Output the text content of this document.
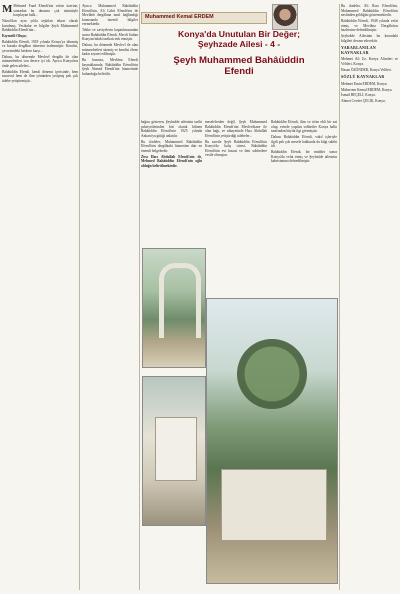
M Mehmed Fuad Efendi'nin vefatı üzerine, sonradan bu durumu çok üzüntüyle karşılayan halk...

Nüzul'dan aynı yılda teşkilatı tekrar olarak kurulmuş. Vesikalar ve bilgiler Şeyh Muhammed Bahâüddin Efendi'nin...

Kıymetli Oluşu;

Bahâüddin Efendi, 1918 yılında Konya'ya dönmüş ve burada dergâhın idaresini üstlenmiştir. Kendisi, çevresindeki herkese karşı...

Dahası, bu dönemde Mevlevî dergâhı ile olan münasebetleri son derece iyi idi. Ayrıca Konya'nın önde gelen aileleri...

Bahâüddin Efendi, kendi dönemi içerisinde, hem tasavvuf hem de ilim yönünden yetişmiş pek çok talebe yetiştirmiştir...

Ayrıca Muhammed Bahâüddin Efendi'nin, Ali Cahit Efendi'nin de Mevlânâ dergâhına nasıl bağlandığı konusunda önemli bilgiler vermektedir.

Tekke ve zaviyelerin kapatılmasından sonra Bahâüddin Efendi, Mecdi Sultan Konyası'ndaki tarikatı terk etmiştir.

Dahası, bu dönemde Mevlevî ile olan münasebetleri sürmüş ve kendisi ölene kadar ziyaret edilmiştir.

Bu hususta, Mevlâna Efendi kaynaklarında, Bahâüddin Efendi'nin Şeyh Ahmed Efendi'nin hizmetinde bulunduğu belirtilir.

Muhammed Kemal ERDEM
Konya'da Unutulan Bir Değer;
Şeyhzade Ailesi - 4 -
Şeyh Muhammed Bahâüddin
Efendi

bağını gösteren, Şeyhzâde ailesinin tarihi şahsiyetlerinden biri olarak bilinen Bahâüddin Efendi'nin 1925 yılında Ankara'ya gittiği anlatılır.

Bu ifadeler, Muhammed Bahâüddin Efendi'nin dergâhtaki hizmetine dair en önemli belgelerdir.

Zira Hacı Abdullah Efendi'nin de, Mehmed Bahâüddin Efendi'nin oğlu olduğu belirtilmektedir.

meselelerden değil, Şeyh Muhammed Bahâüddin Efendi'nin Mevlevihane ile olan bağı, ve nihayetinde Hacı Abdullah Efendi'nin yetiştirdiği talebeler...

Bu suretle Şeyh Bahâüddin Efendi'nin Konya'da kalış süresi, Bahâüddin Efendi'nin evi hususi ve ilmi sohbetlere vesile olmuştur.

Bahâüddin Efendi, ilim ve irfan ehli bir zat olup, evinde yapılan sohbetler Konya halkı tarafından büyük ilgi görmüştür.

Dahası Bahâüddin Efendi, vakıf işleriyle ilgili pek çok mesele hakkında da bilgi sahibi idi.

Bahâüddin Efendi, bir müddet sonra Konya'da vefat etmiş ve Şeyhzâde ailesinin kabristanına defnedilmiştir.

Bu ifadeler, Ali Rıza Efendi'nin, Muhammed Bahâüddin Efendi'nin neslinden geldiğini göstermektedir.

Bahâüddin Efendi, 1948 yılında vefat etmiş ve Mevlâna Dergâhı'nın hazîresine defnedilmiştir.

Şeyhzâde Ailesinin bu konudaki bilgileri devam edecektir.

YARARLANILAN KAYNAKLAR

Mehmet Ali Uz, Konya Alimleri ve Velileri, Konya.

Hasan ÖZÖNDER, Konya Velileri.

SÖZLÜ KAYNAKLAR

Mehmet Emin ERDEM, Konya.

Mükerrem Kemal ERDEM, Konya.

İsmail BEÇELİ, Konya.

Ahmet Cevdet ÇELİK, Konya.
